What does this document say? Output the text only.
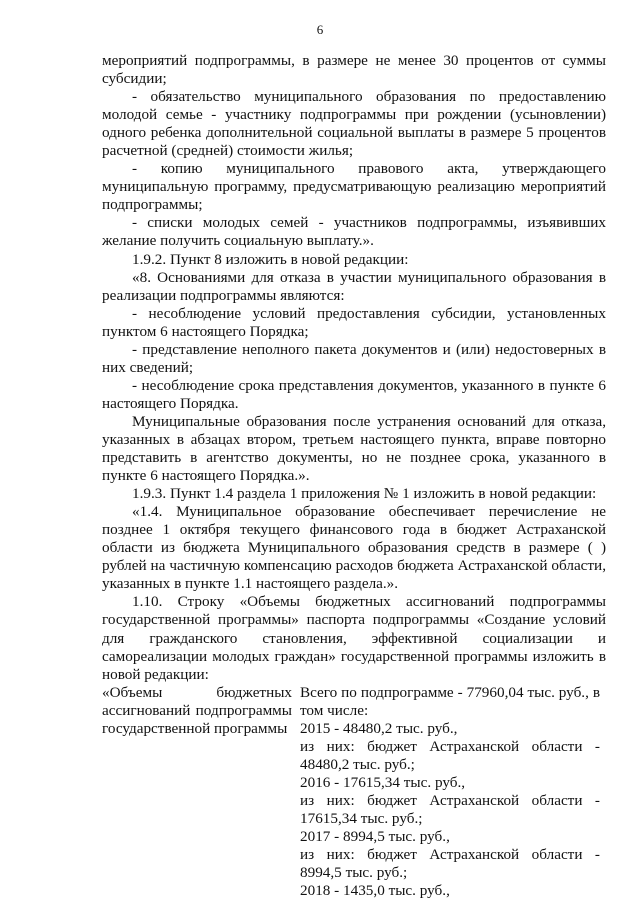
6

мероприятий подпрограммы, в размере не менее 30 процентов от суммы субсидии;

- обязательство муниципального образования по предоставлению молодой семье - участнику подпрограммы при рождении (усыновлении) одного ребенка дополнительной социальной выплаты в размере 5 процентов расчетной (средней) стоимости жилья;

- копию муниципального правового акта, утверждающего муниципальную программу, предусматривающую реализацию мероприятий подпрограммы;

- списки молодых семей - участников подпрограммы, изъявивших желание получить социальную выплату.».

1.9.2. Пункт 8 изложить в новой редакции:

«8. Основаниями для отказа в участии муниципального образования в реализации подпрограммы являются:

- несоблюдение условий предоставления субсидии, установленных пунктом 6 настоящего Порядка;

- представление неполного пакета документов и (или) недостоверных в них сведений;

- несоблюдение срока представления документов, указанного в пункте 6 настоящего Порядка.

Муниципальные образования после устранения оснований для отказа, указанных в абзацах втором, третьем настоящего пункта, вправе повторно представить в агентство документы, но не позднее срока, указанного в пункте 6 настоящего Порядка.».

1.9.3. Пункт 1.4 раздела 1 приложения № 1 изложить в новой редакции:

«1.4. Муниципальное образование обеспечивает перечисление не позднее 1 октября текущего финансового года в бюджет Астраханской области из бюджета Муниципального образования средств в размере ( ) рублей на частичную компенсацию расходов бюджета Астраханской области, указанных в пункте 1.1 настоящего раздела.».

1.10. Строку «Объемы бюджетных ассигнований подпрограммы государственной программы» паспорта подпрограммы «Создание условий для гражданского становления, эффективной социализации и самореализации молодых граждан» государственной программы изложить в новой редакции:

«Объемы бюджетных ассигнований подпрограммы государственной программы

Всего по подпрограмме - 77960,04 тыс. руб., в том числе:

2015 - 48480,2 тыс. руб.,

из них: бюджет Астраханской области - 48480,2 тыс. руб.;

2016 - 17615,34 тыс. руб.,

из них: бюджет Астраханской области - 17615,34 тыс. руб.;

2017 - 8994,5 тыс. руб.,

из них: бюджет Астраханской области - 8994,5 тыс. руб.;

2018 - 1435,0 тыс. руб.,
